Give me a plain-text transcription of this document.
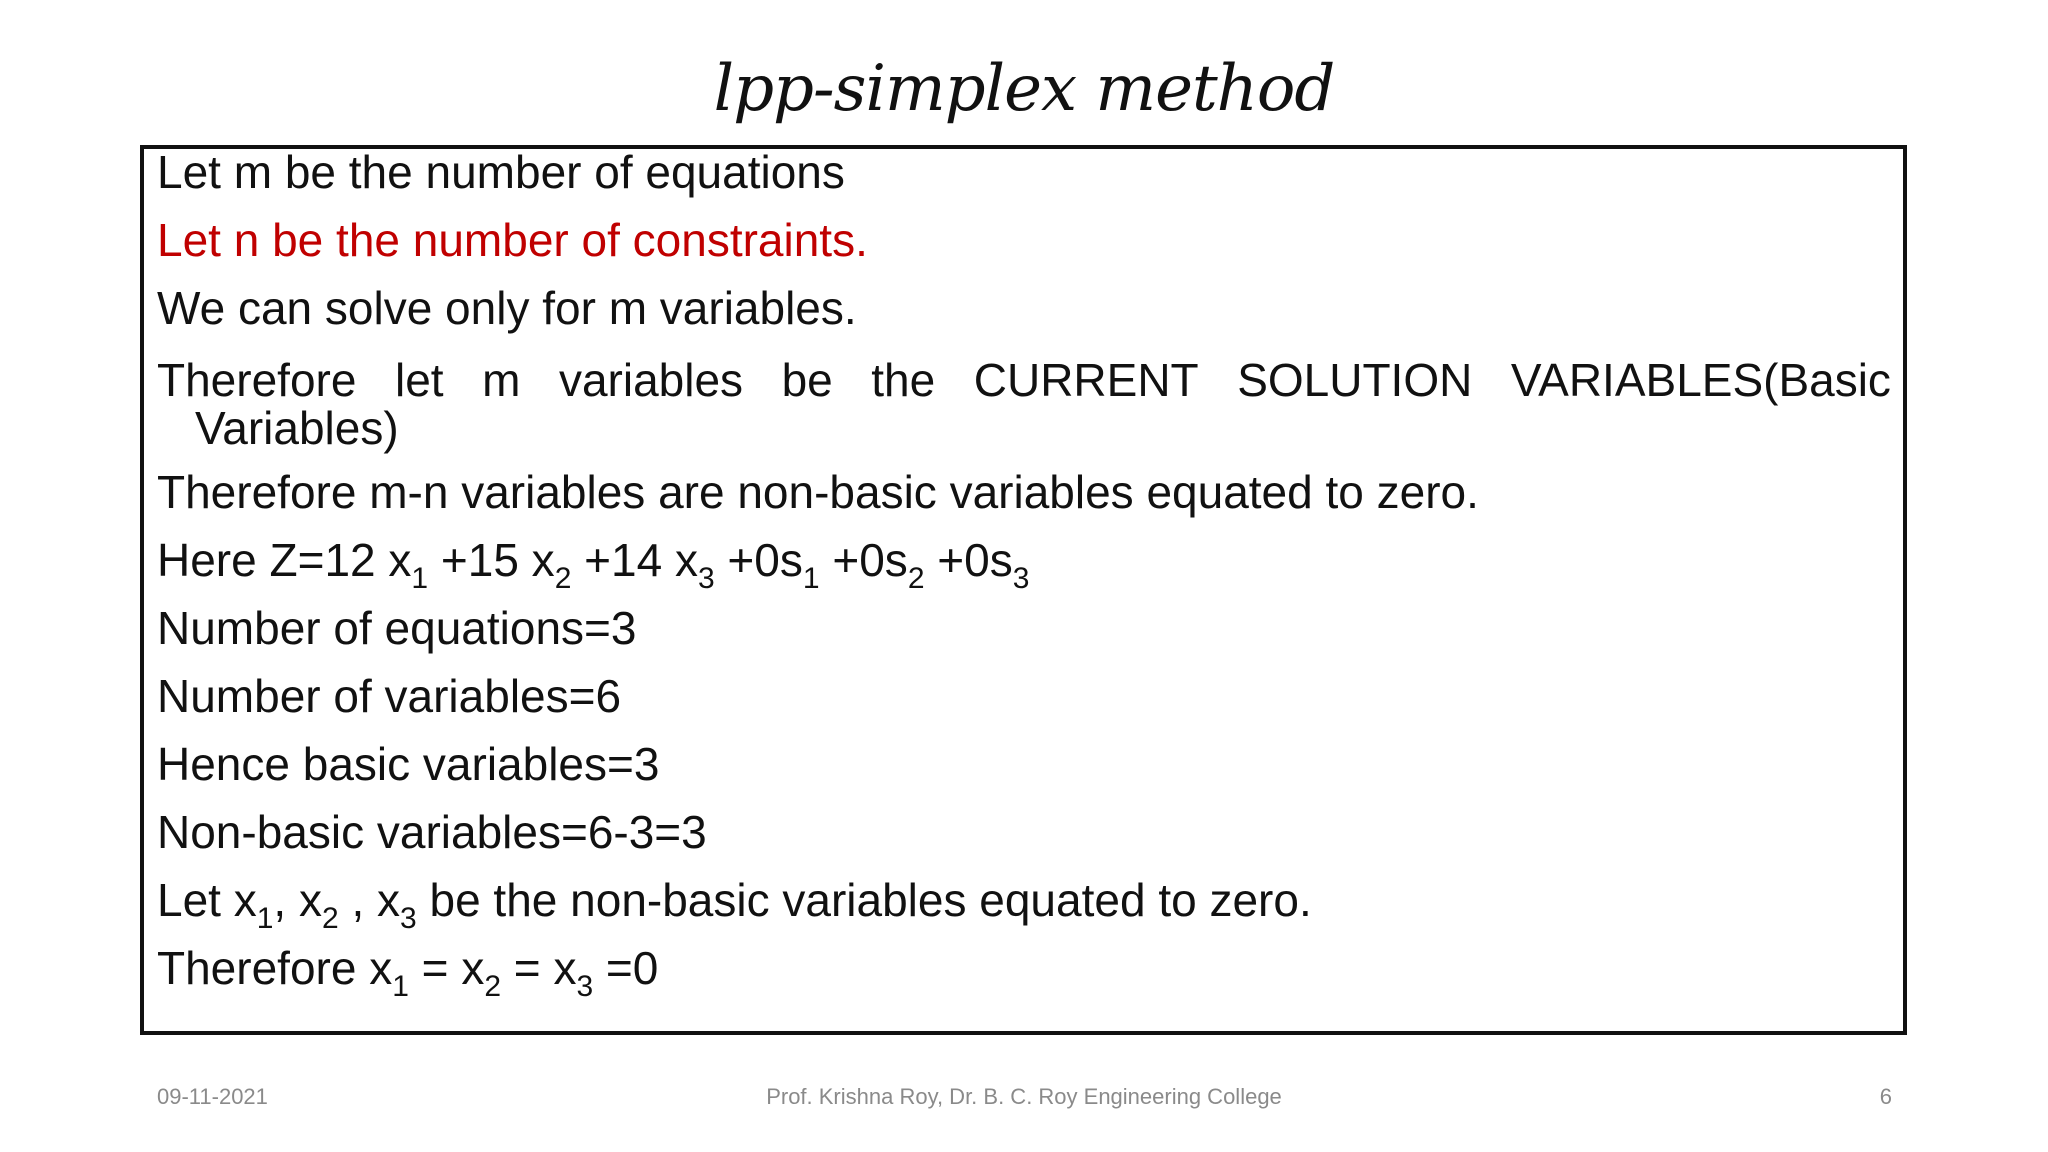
lpp-simplex method
Let m be the number of equations
Let n be the number of constraints.
We can solve only for m variables.
Therefore let m variables be the CURRENT SOLUTION VARIABLES(Basic
Variables)
Therefore m-n variables are non-basic variables equated to zero.
Here Z=12 $x_1 +15$ $x_2 +14$ $x_3 +0s_1 +0s_2 +0s_3$
Number of equations=3
Number of variables=6
Hence basic variables=3
Non-basic variables=6-3=3
Let $x_1$, $x_2$ , $x_3$ be the non-basic variables equated to zero.
Therefore $x_1 = x_2 = x_3 =0$
09-11-2021	Prof. Krishna Roy, Dr. B. C. Roy Engineering College	6
